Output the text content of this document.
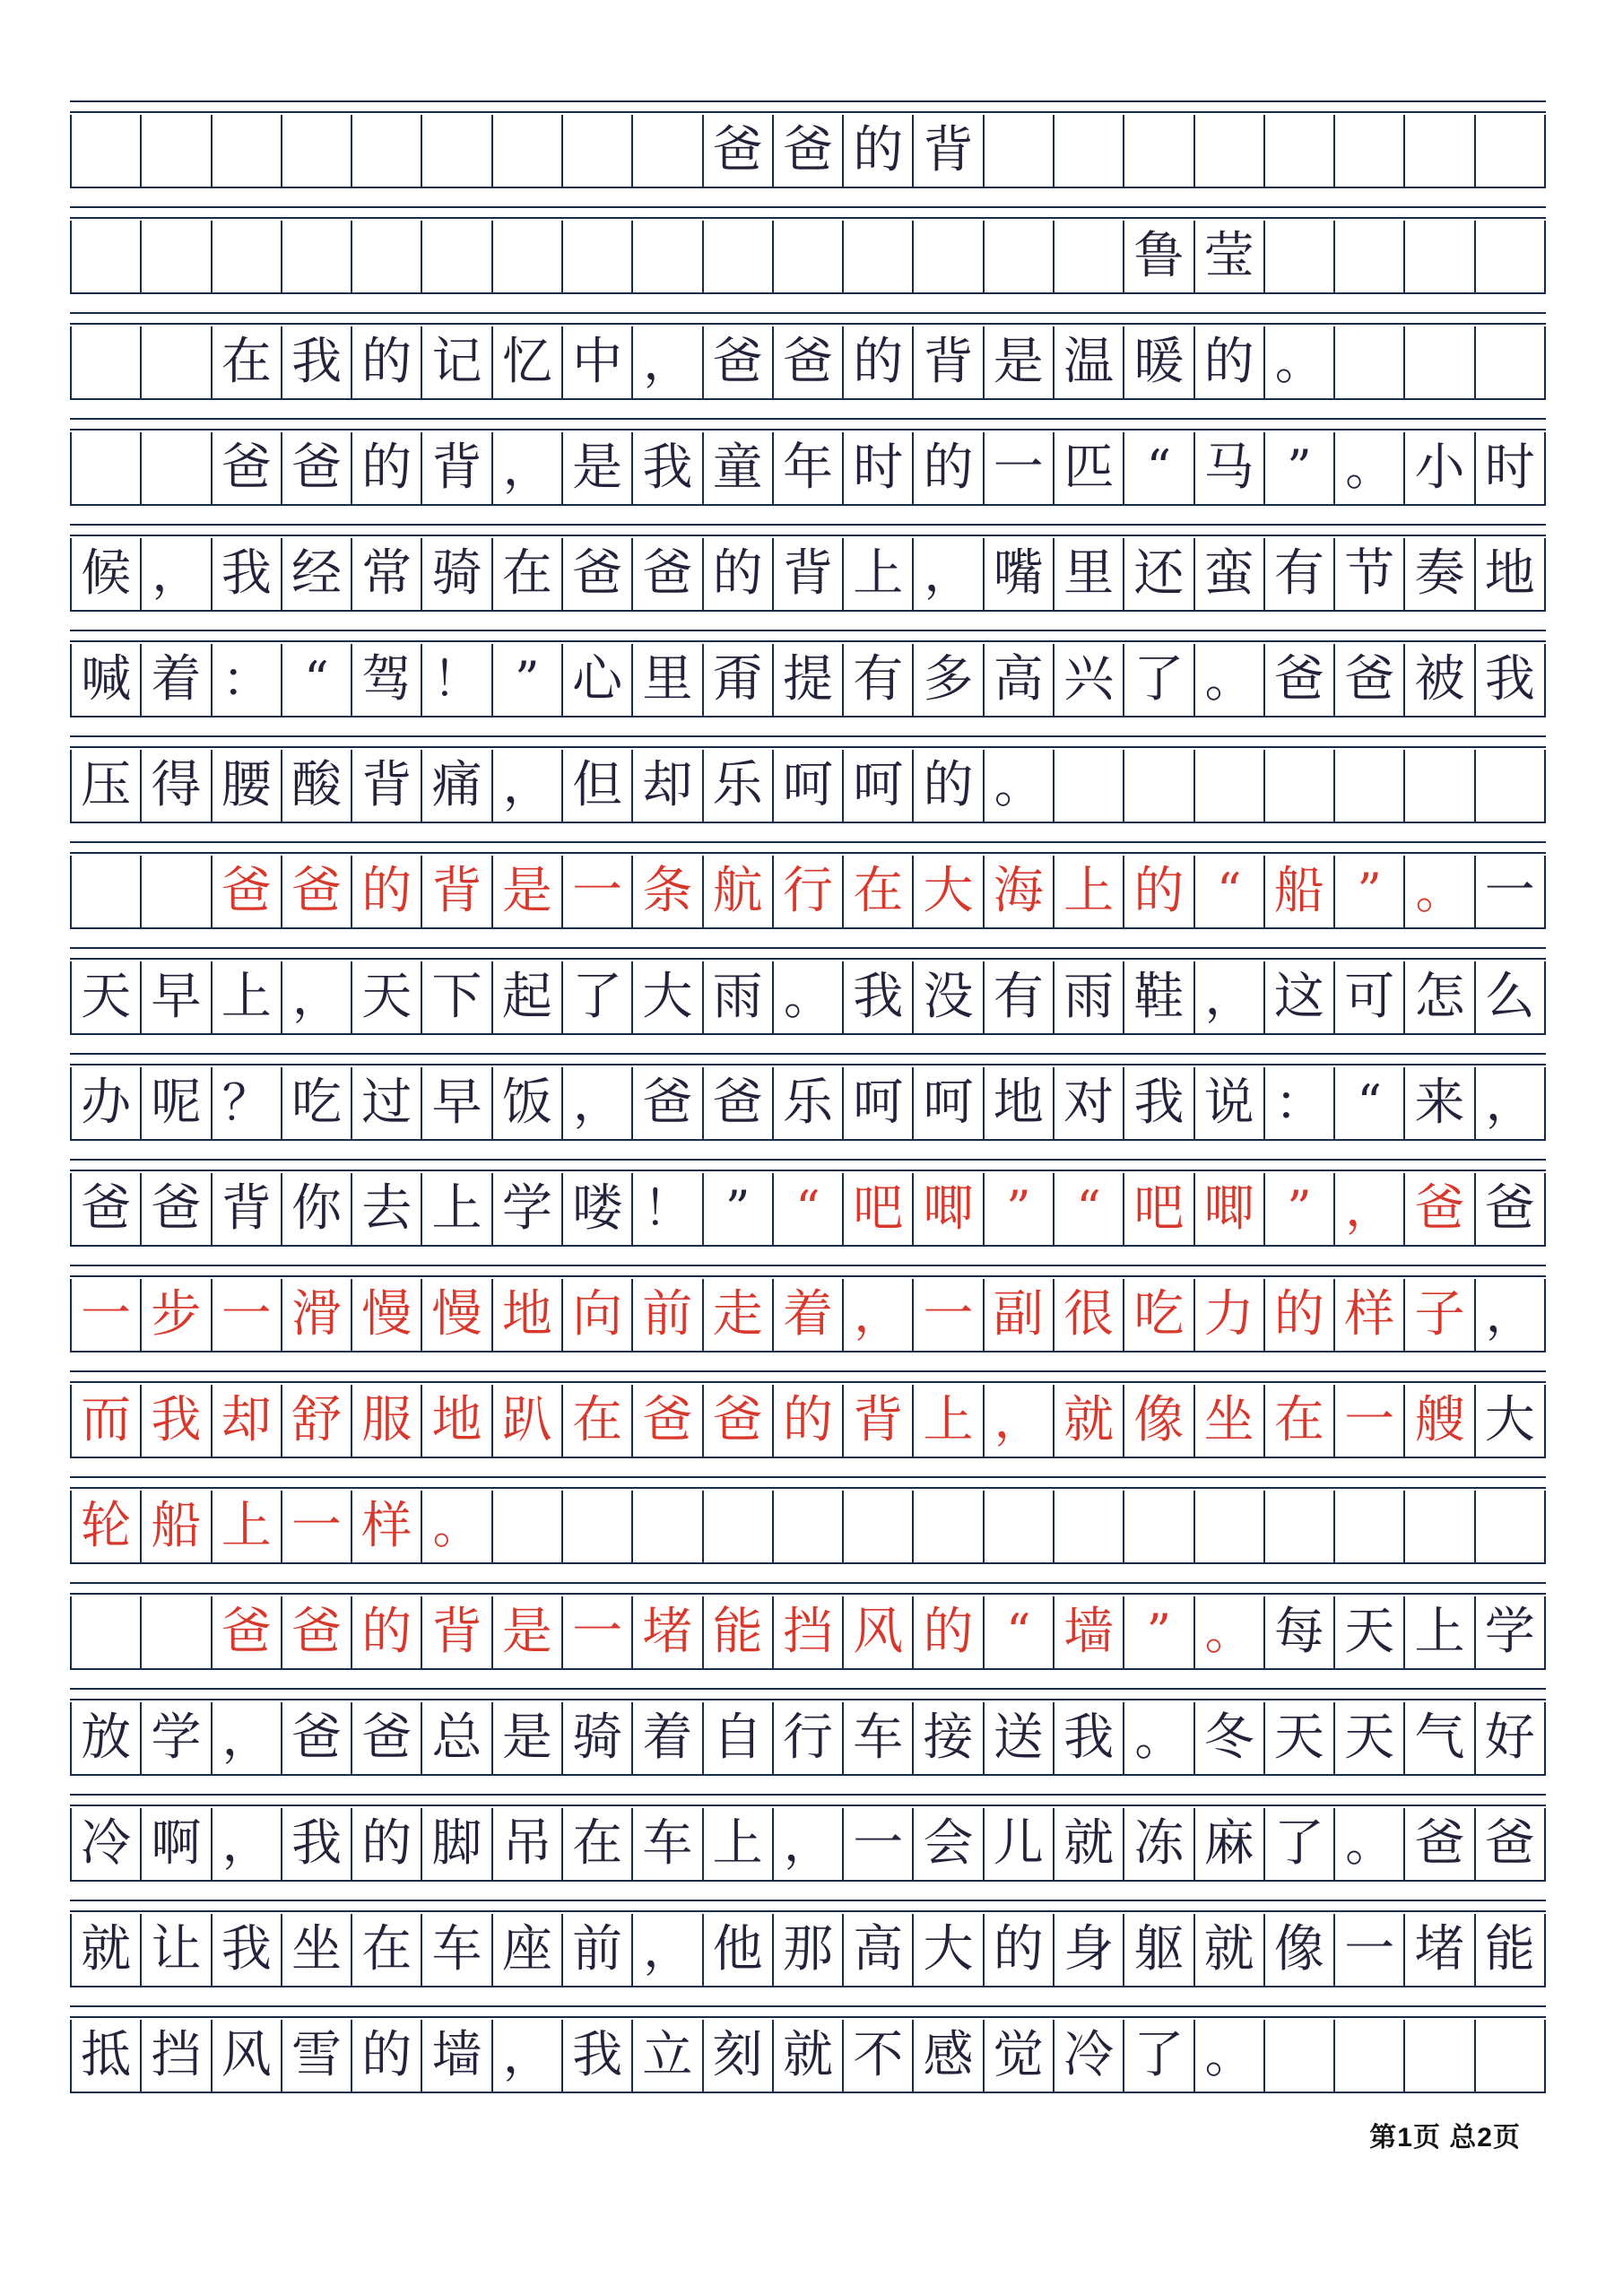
爸 爸 的 背
鲁 莹
在 我 的 记 忆 中 ， 爸 爸 的 背 是 温 暖 的 。
爸 爸 的 背 ， 是 我 童 年 时 的 一 匹 “ 马 ” 。 小 时
候 ， 我 经 常 骑 在 爸 爸 的 背 上 ， 嘴 里 还 蛮 有 节 奏 地
喊 着 ： “ 驾 ！ ” 心 里 甭 提 有 多 高 兴 了 。 爸 爸 被 我
压 得 腰 酸 背 痛 ， 但 却 乐 呵 呵 的 。
爸 爸 的 背 是 一 条 航 行 在 大 海 上 的 “ 船 ” 。 一
天 早 上 ， 天 下 起 了 大 雨 。 我 没 有 雨 鞋 ， 这 可 怎 么
办 呢 ？ 吃 过 早 饭 ， 爸 爸 乐 呵 呵 地 对 我 说 ： “ 来 ，
爸 爸 背 你 去 上 学 喽 ！ ” “ 吧 唧 ” “ 吧 唧 ” ， 爸 爸
一 步 一 滑 慢 慢 地 向 前 走 着 ， 一 副 很 吃 力 的 样 子 ，
而 我 却 舒 服 地 趴 在 爸 爸 的 背 上 ， 就 像 坐 在 一 艘 大
轮 船 上 一 样 。
爸 爸 的 背 是 一 堵 能 挡 风 的 “ 墙 ” 。 每 天 上 学
放 学 ， 爸 爸 总 是 骑 着 自 行 车 接 送 我 。 冬 天 天 气 好
冷 啊 ， 我 的 脚 吊 在 车 上 ， 一 会 儿 就 冻 麻 了 。 爸 爸
就 让 我 坐 在 车 座 前 ， 他 那 高 大 的 身 躯 就 像 一 堵 能
抵 挡 风 雪 的 墙 ， 我 立 刻 就 不 感 觉 冷 了 。
第1页 总2页
